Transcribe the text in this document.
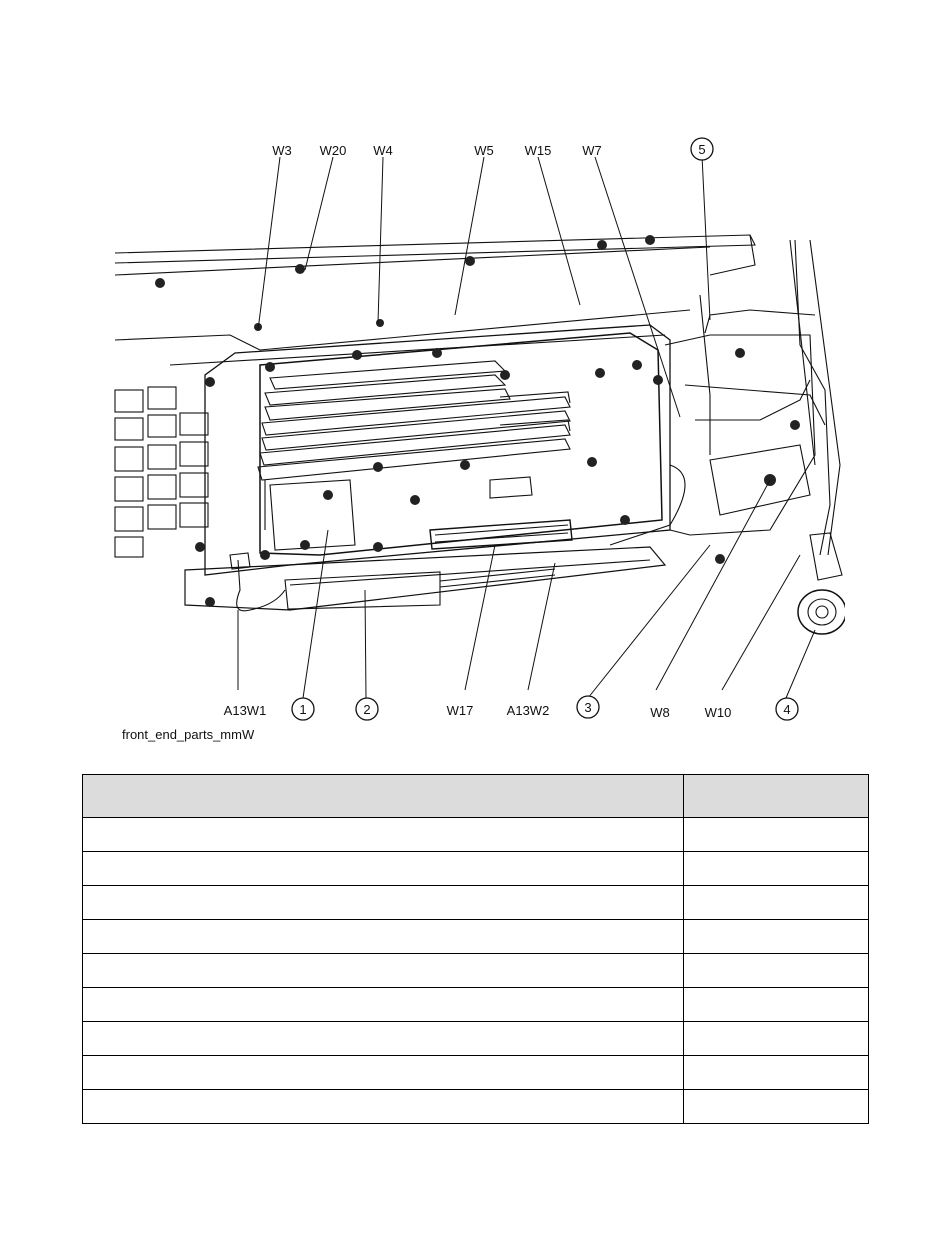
W3 W20 W4	W5 W15 W7	5
A13W1	W17	A13W2	W8	W10
1	2	3	4
front_end_parts_mmW
